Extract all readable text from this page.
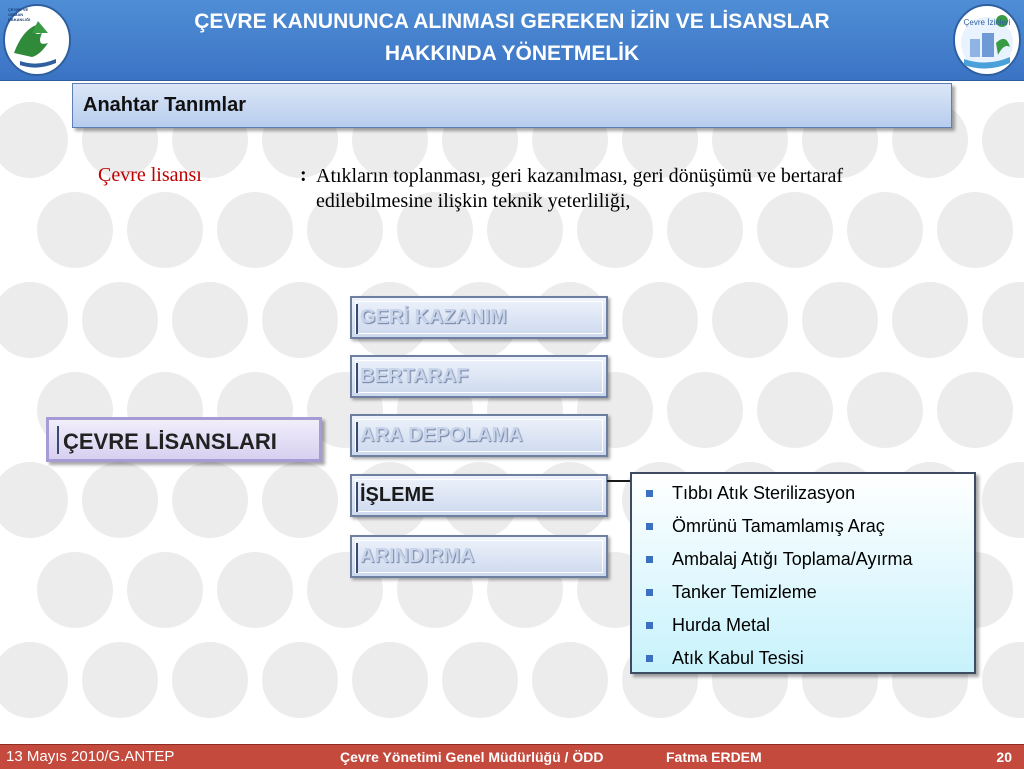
ÇEVRE VE ORMAN BAKANLIĞI	ÇEVRE KANUNUNCA ALINMASI GEREKEN İZİN VE LİSANSLAR
HAKKINDA YÖNETMELİK
Çevre İzinleri
Anahtar Tanımlar
Çevre lisansı	: Atıkların toplanması, geri kazanılması, geri dönüşümü ve bertaraf edilebilmesine ilişkin teknik yeterliliği,
ÇEVRE LİSANSLARI
GERİ KAZANIM
BERTARAF
ARA DEPOLAMA
İŞLEME
ARINDIRMA
Tıbbı Atık Sterilizasyon
Ömrünü Tamamlamış Araç
Ambalaj Atığı Toplama/Ayırma
Tanker Temizleme
Hurda Metal
Atık Kabul Tesisi
13 Mayıs 2010/G.ANTEP	Çevre Yönetimi Genel Müdürlüğü / ÖDD	Fatma ERDEM	20
